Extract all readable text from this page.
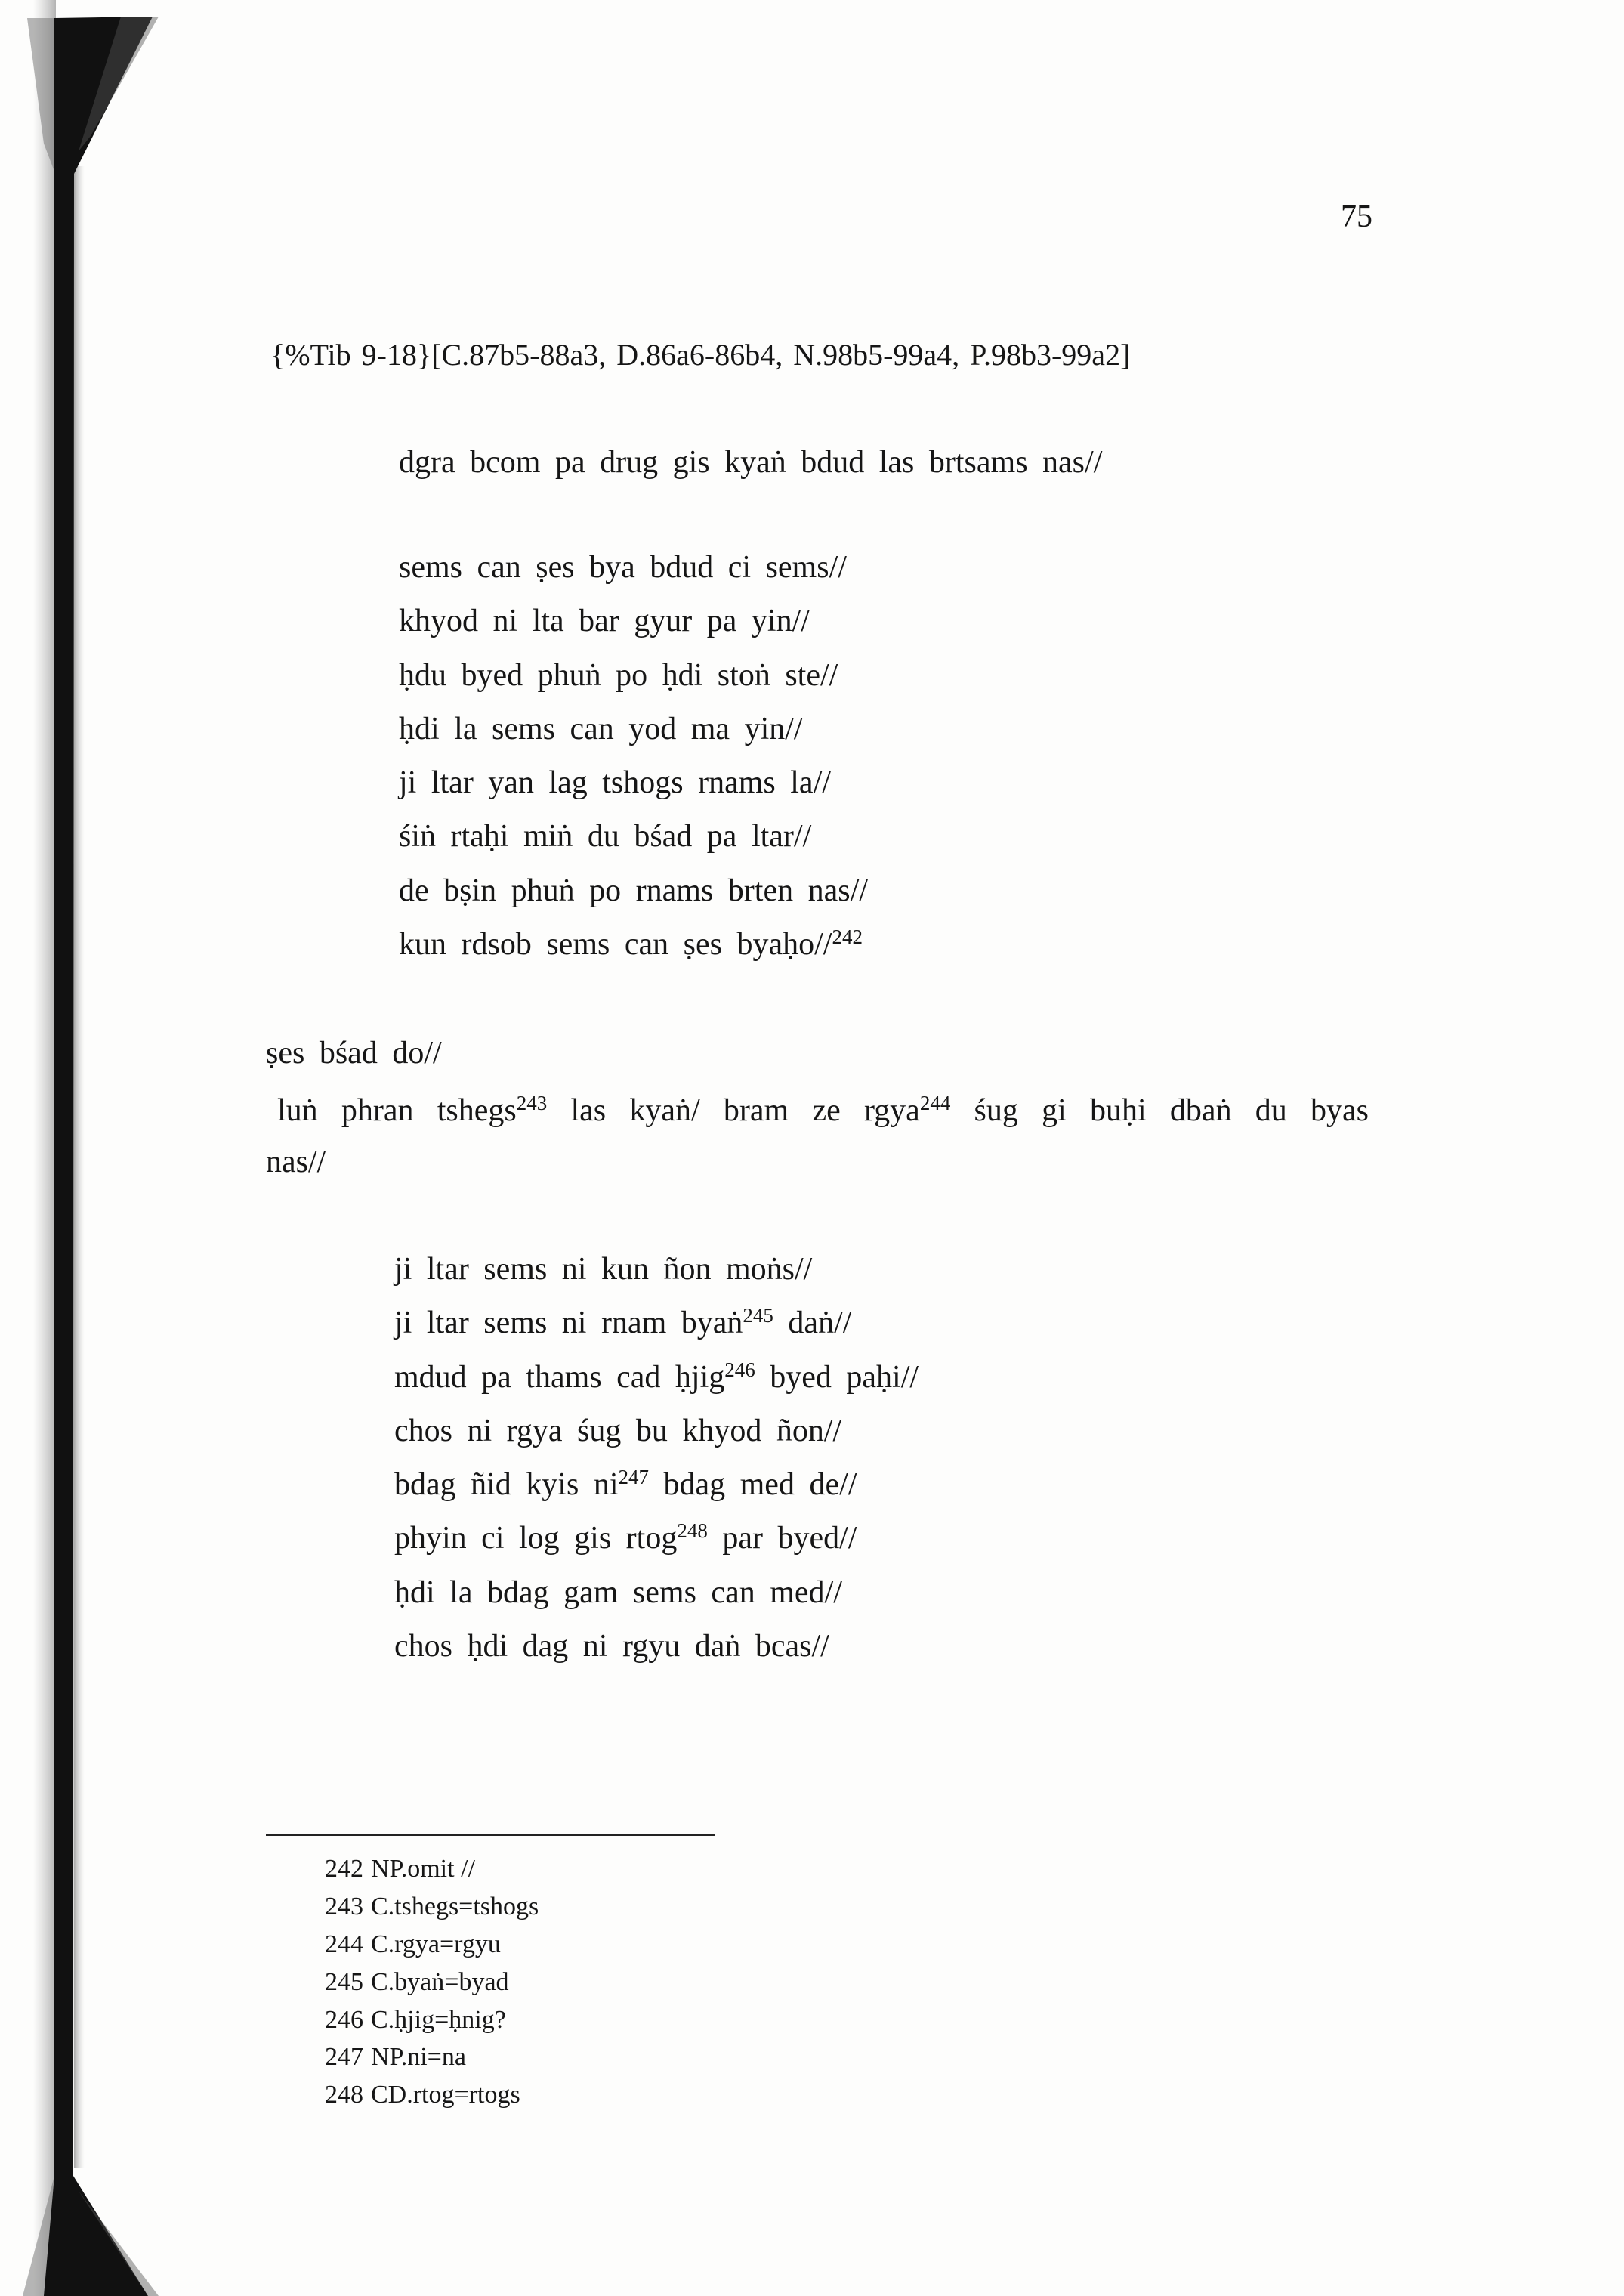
75
{%Tib 9-18}[C.87b5-88a3, D.86a6-86b4, N.98b5-99a4, P.98b3-99a2]
dgra bcom pa drug gis kyaṅ bdud las brtsams nas//
sems can ṣes bya bdud ci sems//
khyod ni lta bar gyur pa yin//
ḥdu byed phuṅ po ḥdi stoṅ ste//
ḥdi la sems can yod ma yin//
ji ltar yan lag tshogs rnams la//
śiṅ rtaḥi miṅ du bśad pa ltar//
de bṣin phuṅ po rnams brten nas//
kun rdsob sems can ṣes byaḥo//$^{242}$
ṣes bśad do//
luṅ phran tshegs$^{243}$ las kyaṅ/ bram ze rgya$^{244}$ śug gi buḥi dbaṅ du byas
nas//
ji ltar sems ni kun ñon moṅs//
ji ltar sems ni rnam byaṅ$^{245}$ daṅ//
mdud pa thams cad ḥjig$^{246}$ byed paḥi//
chos ni rgya śug bu khyod ñon//
bdag ñid kyis ni$^{247}$ bdag med de//
phyin ci log gis rtog$^{248}$ par byed//
ḥdi la bdag gam sems can med//
chos ḥdi dag ni rgyu daṅ bcas//
242 NP.omit //
243 C.tshegs=tshogs
244 C.rgya=rgyu
245 C.byaṅ=byad
246 C.ḥjig=ḥnig?
247 NP.ni=na
248 CD.rtog=rtogs
